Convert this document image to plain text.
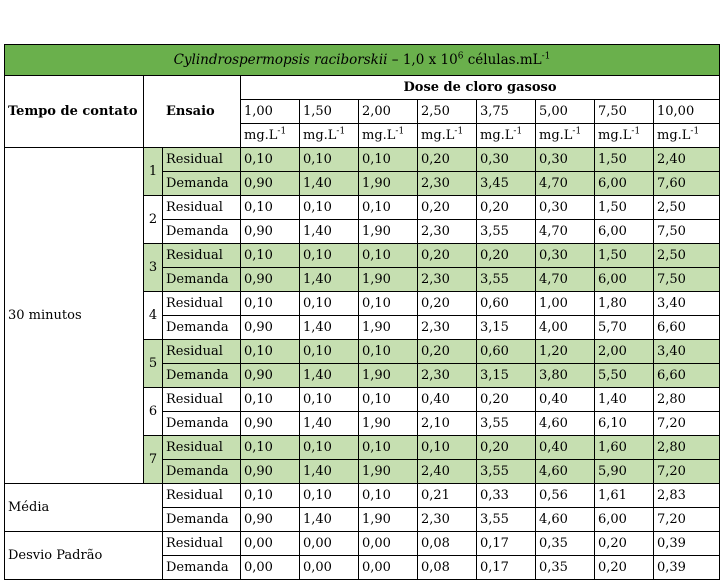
Cylindrospermopsis raciborskii – 1,0 x $10^6$ $células.mL^{-1}$
Tempo de contato	Ensaio		Dose de cloro gasoso							
			1,00	1,50	2,00	2,50	3,75	5,00	7,50	10,00
			$mg.L^{-1}$	$mg.L^{-1}$	$mg.L^{-1}$	$mg.L^{-1}$	$mg.L^{-1}$	$mg.L^{-1}$	$mg.L^{-1}$	$mg.L^{-1}$
30 minutos	1	Residual	0,10	0,10	0,10	0,20	0,30	0,30	1,50	2,40
		Demanda	0,90	1,40	1,90	2,30	3,45	4,70	6,00	7,60
	2	Residual	0,10	0,10	0,10	0,20	0,20	0,30	1,50	2,50
		Demanda	0,90	1,40	1,90	2,30	3,55	4,70	6,00	7,50
	3	Residual	0,10	0,10	0,10	0,20	0,20	0,30	1,50	2,50
		Demanda	0,90	1,40	1,90	2,30	3,55	4,70	6,00	7,50
	4	Residual	0,10	0,10	0,10	0,20	0,60	1,00	1,80	3,40
		Demanda	0,90	1,40	1,90	2,30	3,15	4,00	5,70	6,60
	5	Residual	0,10	0,10	0,10	0,20	0,60	1,20	2,00	3,40
		Demanda	0,90	1,40	1,90	2,30	3,15	3,80	5,50	6,60
	6	Residual	0,10	0,10	0,10	0,40	0,20	0,40	1,40	2,80
		Demanda	0,90	1,40	1,90	2,10	3,55	4,60	6,10	7,20
	7	Residual	0,10	0,10	0,10	0,10	0,20	0,40	1,60	2,80
		Demanda	0,90	1,40	1,90	2,40	3,55	4,60	5,90	7,20
Média		Residual	0,10	0,10	0,10	0,21	0,33	0,56	1,61	2,83
		Demanda	0,90	1,40	1,90	2,30	3,55	4,60	6,00	7,20
Desvio Padrão		Residual	0,00	0,00	0,00	0,08	0,17	0,35	0,20	0,39
		Demanda	0,00	0,00	0,00	0,08	0,17	0,35	0,20	0,39
